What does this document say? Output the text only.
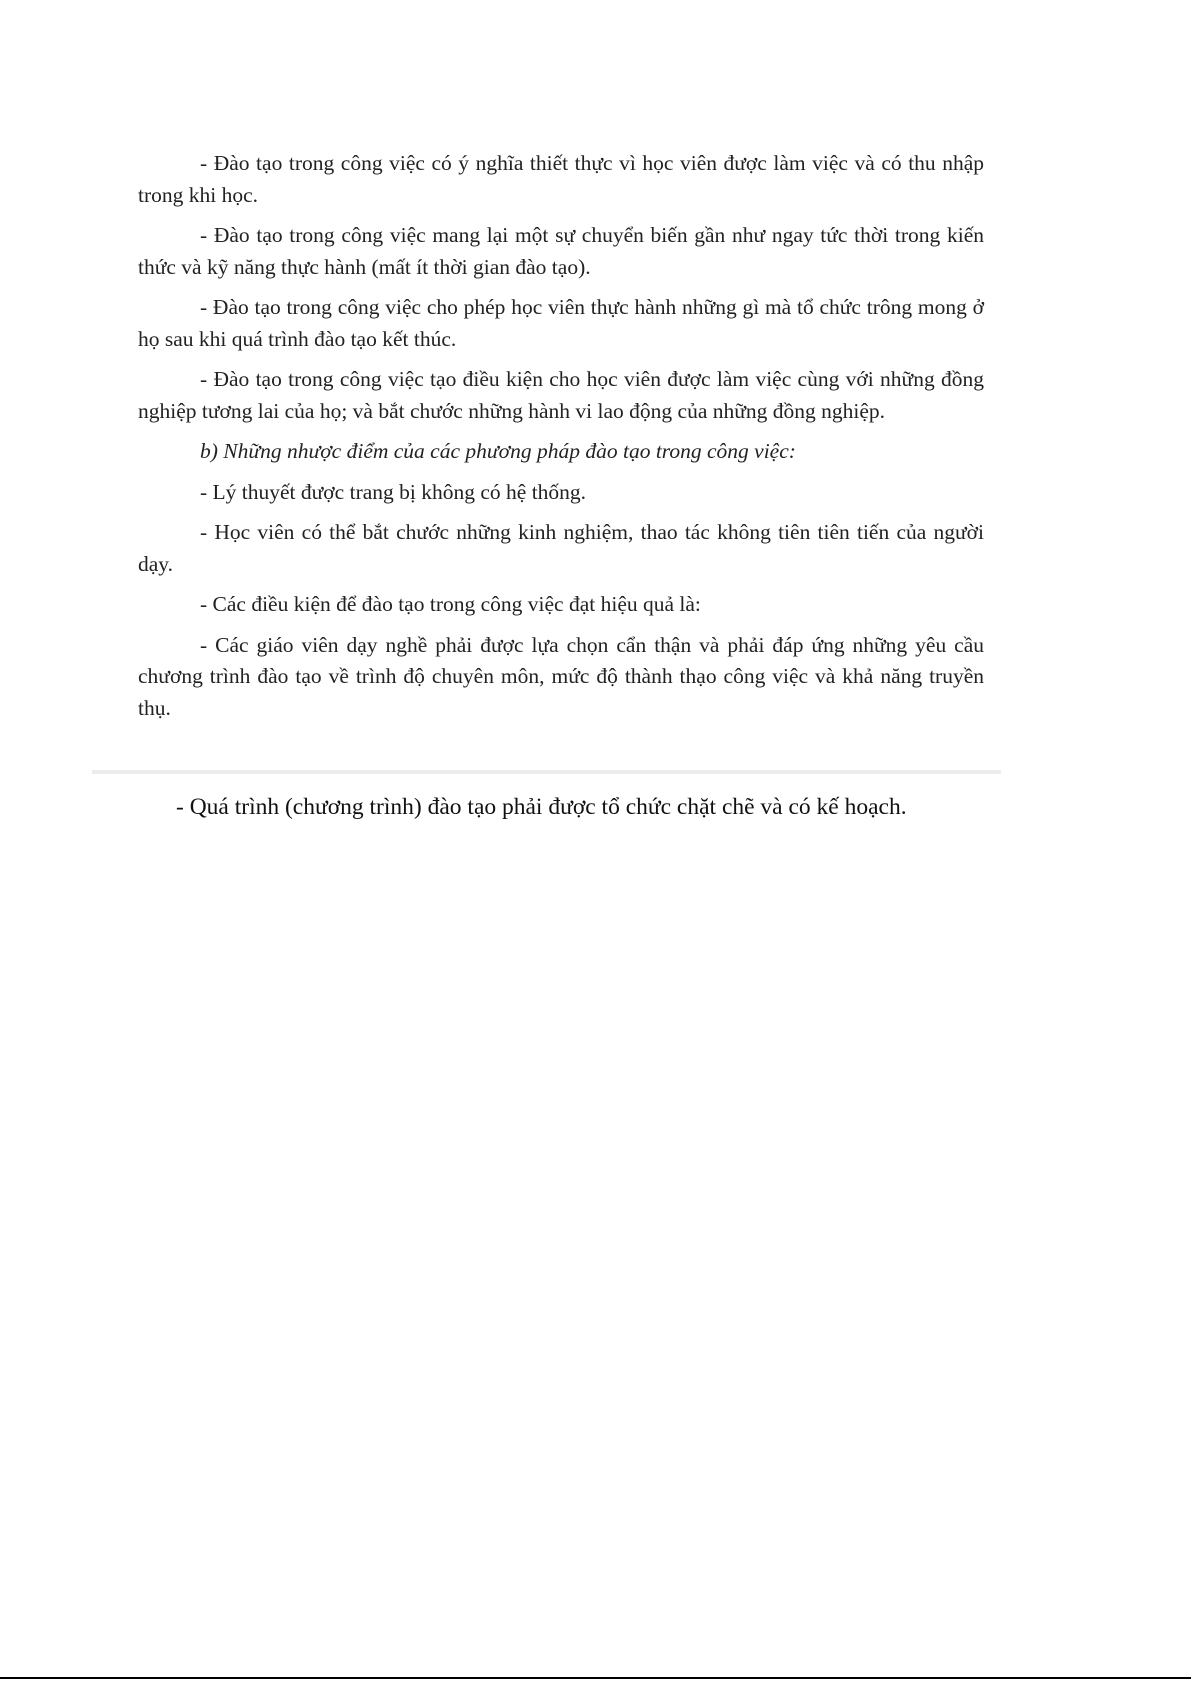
- Đào tạo trong công việc có ý nghĩa thiết thực vì học viên được làm việc và có thu nhập trong khi học.

- Đào tạo trong công việc mang lại một sự chuyển biến gần như ngay tức thời trong kiến thức và kỹ năng thực hành (mất ít thời gian đào tạo).

- Đào tạo trong công việc cho phép học viên thực hành những gì mà tổ chức trông mong ở họ sau khi quá trình đào tạo kết thúc.

- Đào tạo trong công việc tạo điều kiện cho học viên được làm việc cùng với những đồng nghiệp tương lai của họ; và bắt chước những hành vi lao động của những đồng nghiệp.

b) Những nhược điểm của các phương pháp đào tạo trong công việc:

- Lý thuyết được trang bị không có hệ thống.

- Học viên có thể bắt chước những kinh nghiệm, thao tác không tiên tiên tiến của người dạy.

- Các điều kiện để đào tạo trong công việc đạt hiệu quả là:

- Các giáo viên dạy nghề phải được lựa chọn cẩn thận và phải đáp ứng những yêu cầu chương trình đào tạo về trình độ chuyên môn, mức độ thành thạo công việc và khả năng truyền thụ.

- Quá trình (chương trình) đào tạo phải được tổ chức chặt chẽ và có kế hoạch.
